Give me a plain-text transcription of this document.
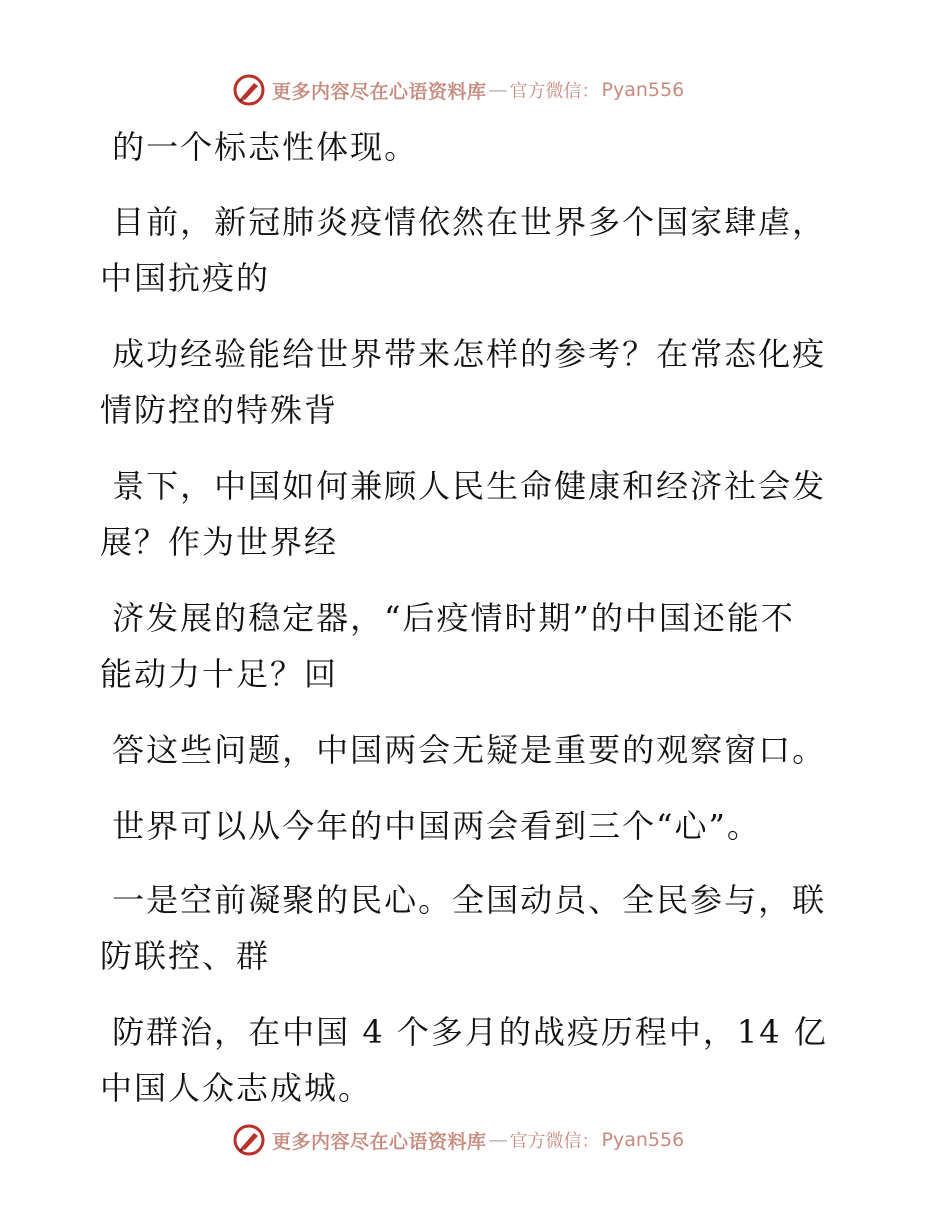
更多内容尽在心语资料库 — 官方微信： Pyan556
的一个标志性体现。
目前，新冠肺炎疫情依然在世界多个国家肆虐，
中国抗疫的
成功经验能给世界带来怎样的参考？在常态化疫
情防控的特殊背
景下，中国如何兼顾人民生命健康和经济社会发
展？作为世界经
济发展的稳定器，“后疫情时期”的中国还能不
能动力十足？回
答这些问题，中国两会无疑是重要的观察窗口。
世界可以从今年的中国两会看到三个“心”。
一是空前凝聚的民心。全国动员、全民参与，联
防联控、群
防群治，在中国 4 个多月的战疫历程中，14 亿
中国人众志成城。
更多内容尽在心语资料库 — 官方微信： Pyan556
